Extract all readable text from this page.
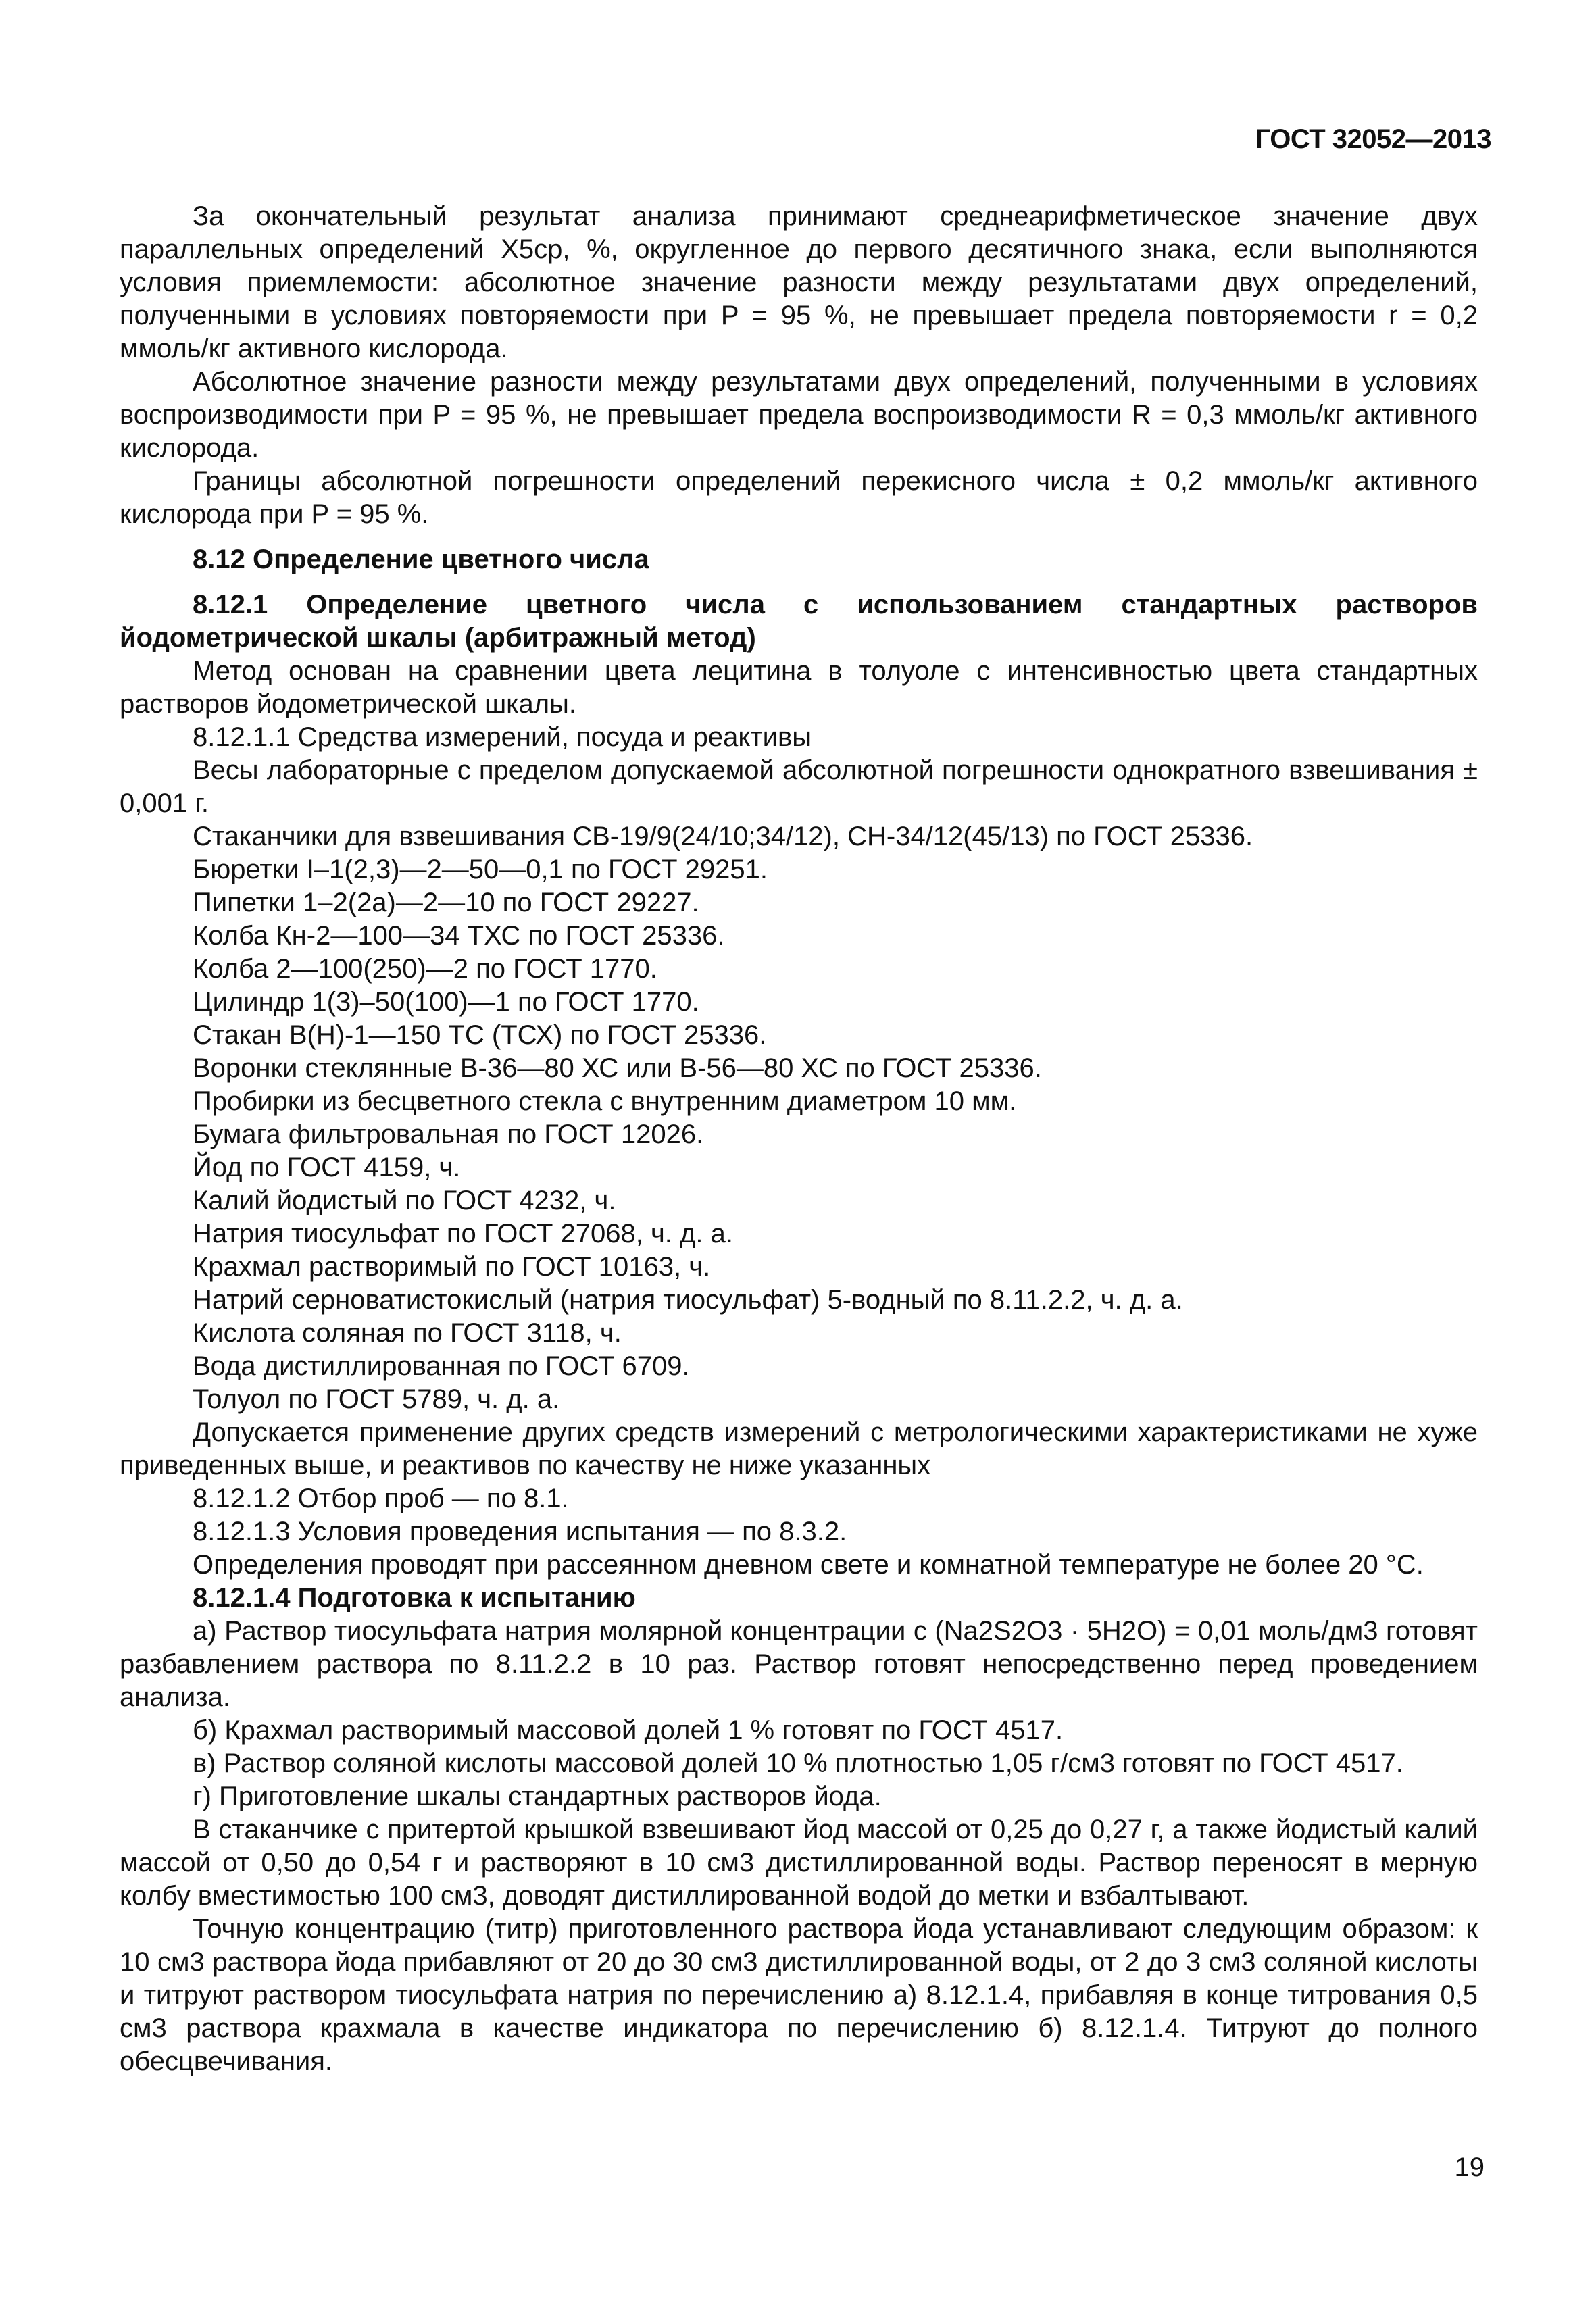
ГОСТ 32052—2013

За окончательный результат анализа принимают среднеарифметическое значение двух параллельных определений X5ср, %, округленное до первого десятичного знака, если выполняются условия приемлемости: абсолютное значение разности между результатами двух определений, полученными в условиях повторяемости при P = 95 %, не превышает предела повторяемости r = 0,2 ммоль/кг активного кислорода.

Абсолютное значение разности между результатами двух определений, полученными в условиях воспроизводимости при P = 95 %, не превышает предела воспроизводимости R = 0,3 ммоль/кг активного кислорода.

Границы абсолютной погрешности определений перекисного числа ± 0,2 ммоль/кг активного кислорода при P = 95 %.

8.12 Определение цветного числа

8.12.1 Определение цветного числа с использованием стандартных растворов йодометрической шкалы (арбитражный метод)

Метод основан на сравнении цвета лецитина в толуоле с интенсивностью цвета стандартных растворов йодометрической шкалы.

8.12.1.1 Средства измерений, посуда и реактивы

Весы лабораторные с пределом допускаемой абсолютной погрешности однократного взвешивания ± 0,001 г.

Стаканчики для взвешивания СВ-19/9(24/10;34/12), СН-34/12(45/13) по ГОСТ 25336.

Бюретки I–1(2,3)—2—50—0,1 по ГОСТ 29251.

Пипетки 1–2(2а)—2—10 по ГОСТ 29227.

Колба Кн-2—100—34 ТХС по ГОСТ 25336.

Колба 2—100(250)—2 по ГОСТ 1770.

Цилиндр 1(3)–50(100)—1 по ГОСТ 1770.

Стакан В(Н)-1—150 ТС (ТСХ) по ГОСТ 25336.

Воронки стеклянные В-36—80 ХС или В-56—80 ХС по ГОСТ 25336.

Пробирки из бесцветного стекла с внутренним диаметром 10 мм.

Бумага фильтровальная по ГОСТ 12026.

Йод по ГОСТ 4159, ч.

Калий йодистый по ГОСТ 4232, ч.

Натрия тиосульфат по ГОСТ 27068, ч. д. а.

Крахмал растворимый по ГОСТ 10163, ч.

Натрий серноватистокислый (натрия тиосульфат) 5-водный по 8.11.2.2, ч. д. а.

Кислота соляная по ГОСТ 3118, ч.

Вода дистиллированная по ГОСТ 6709.

Толуол по ГОСТ 5789, ч. д. а.

Допускается применение других средств измерений с метрологическими характеристиками не хуже приведенных выше, и реактивов по качеству не ниже указанных

8.12.1.2 Отбор проб — по 8.1.

8.12.1.3 Условия проведения испытания — по 8.3.2.

Определения проводят при рассеянном дневном свете и комнатной температуре не более 20 °С.

8.12.1.4 Подготовка к испытанию

а) Раствор тиосульфата натрия молярной концентрации c (Na2S2O3 · 5H2O) = 0,01 моль/дм3 готовят разбавлением раствора по 8.11.2.2 в 10 раз. Раствор готовят непосредственно перед проведением анализа.

б) Крахмал растворимый массовой долей 1 % готовят по ГОСТ 4517.

в) Раствор соляной кислоты массовой долей 10 % плотностью 1,05 г/см3 готовят по ГОСТ 4517.

г) Приготовление шкалы стандартных растворов йода.

В стаканчике с притертой крышкой взвешивают йод массой от 0,25 до 0,27 г, а также йодистый калий массой от 0,50 до 0,54 г и растворяют в 10 см3 дистиллированной воды. Раствор переносят в мерную колбу вместимостью 100 см3, доводят дистиллированной водой до метки и взбалтывают.

Точную концентрацию (титр) приготовленного раствора йода устанавливают следующим образом: к 10 см3 раствора йода прибавляют от 20 до 30 см3 дистиллированной воды, от 2 до 3 см3 соляной кислоты и титруют раствором тиосульфата натрия по перечислению а) 8.12.1.4, прибавляя в конце титрования 0,5 см3 раствора крахмала в качестве индикатора по перечислению б) 8.12.1.4. Титруют до полного обесцвечивания.

19
